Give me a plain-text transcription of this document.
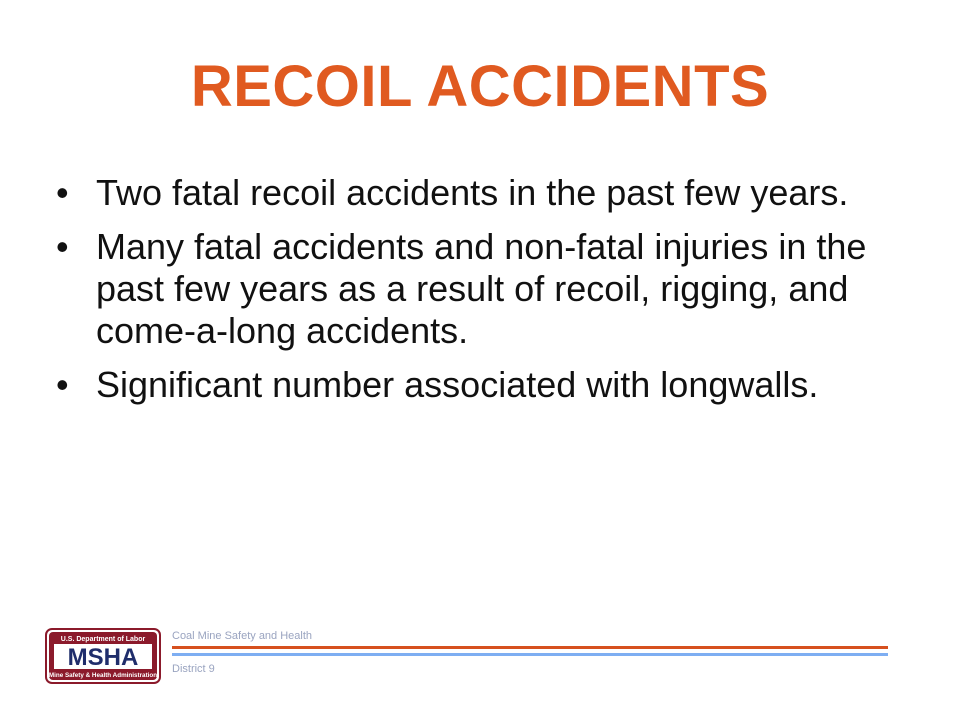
RECOIL ACCIDENTS
• Two fatal recoil accidents in the past few years.
• Many fatal accidents and non-fatal injuries in the past few years as a result of recoil, rigging, and come-a-long accidents.
• Significant number associated with longwalls.
U.S. Department of Labor
MSHA
Mine Safety & Health Administration
Coal Mine Safety and Health
District 9
